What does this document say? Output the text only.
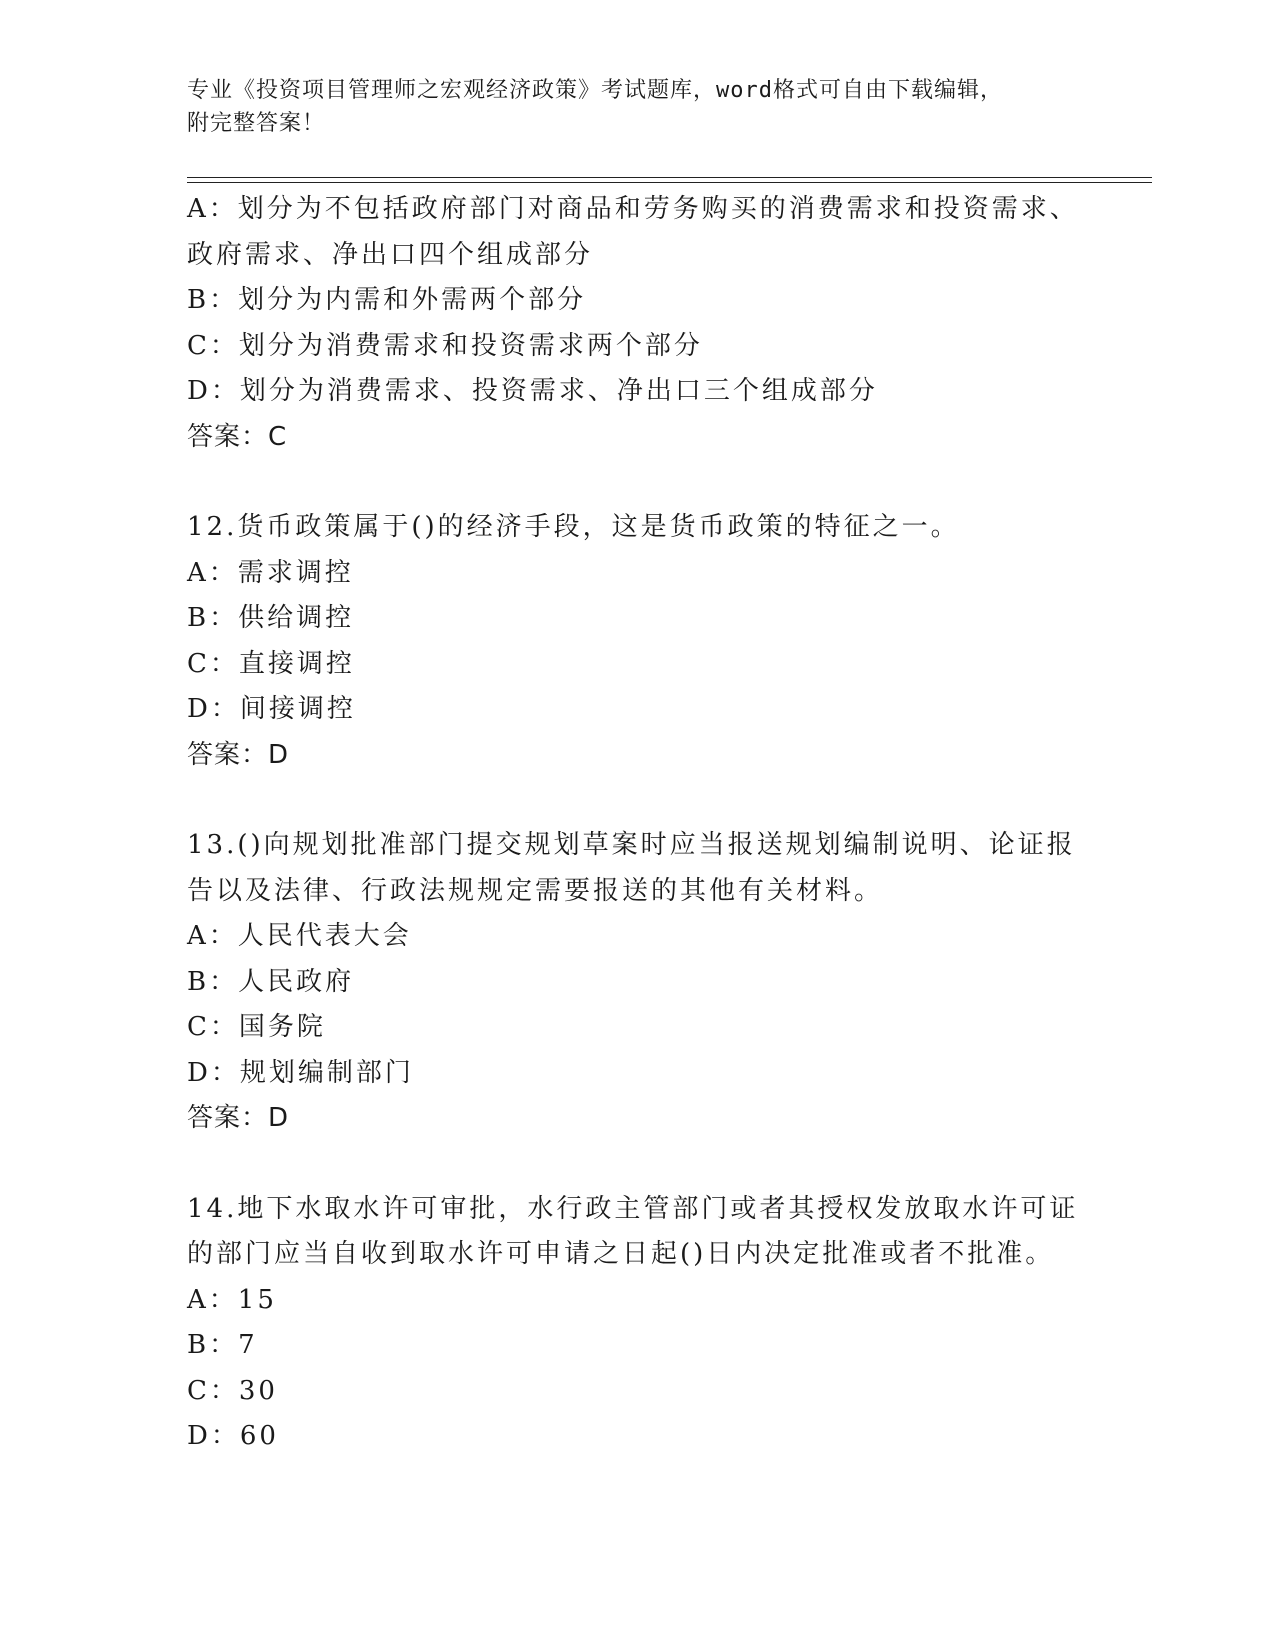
专业《投资项目管理师之宏观经济政策》考试题库，word格式可自由下载编辑，
附完整答案！
A：划分为不包括政府部门对商品和劳务购买的消费需求和投资需求、
政府需求、净出口四个组成部分
B：划分为内需和外需两个部分
C：划分为消费需求和投资需求两个部分
D：划分为消费需求、投资需求、净出口三个组成部分
答案：C
12.货币政策属于()的经济手段，这是货币政策的特征之一。
A：需求调控
B：供给调控
C：直接调控
D：间接调控
答案：D
13.()向规划批准部门提交规划草案时应当报送规划编制说明、论证报
告以及法律、行政法规规定需要报送的其他有关材料。
A：人民代表大会
B：人民政府
C：国务院
D：规划编制部门
答案：D
14.地下水取水许可审批，水行政主管部门或者其授权发放取水许可证
的部门应当自收到取水许可申请之日起()日内决定批准或者不批准。
A：15
B：7
C：30
D：60
